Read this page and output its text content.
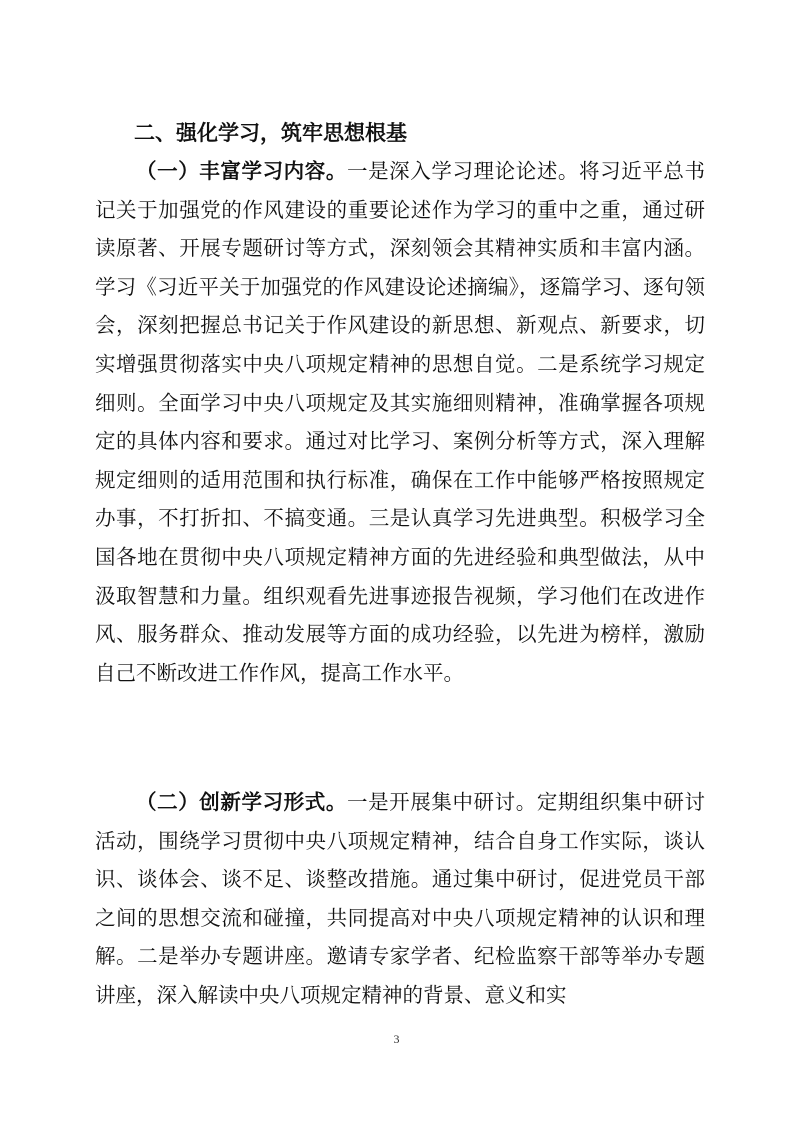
二、强化学习，筑牢思想根基

（一）丰富学习内容。一是深入学习理论论述。将习近平总书记关于加强党的作风建设的重要论述作为学习的重中之重，通过研读原著、开展专题研讨等方式，深刻领会其精神实质和丰富内涵。学习《习近平关于加强党的作风建设论述摘编》，逐篇学习、逐句领会，深刻把握总书记关于作风建设的新思想、新观点、新要求，切实增强贯彻落实中央八项规定精神的思想自觉。二是系统学习规定细则。全面学习中央八项规定及其实施细则精神，准确掌握各项规定的具体内容和要求。通过对比学习、案例分析等方式，深入理解规定细则的适用范围和执行标准，确保在工作中能够严格按照规定办事，不打折扣、不搞变通。三是认真学习先进典型。积极学习全国各地在贯彻中央八项规定精神方面的先进经验和典型做法，从中汲取智慧和力量。组织观看先进事迹报告视频，学习他们在改进作风、服务群众、推动发展等方面的成功经验，以先进为榜样，激励自己不断改进工作作风，提高工作水平。

（二）创新学习形式。一是开展集中研讨。定期组织集中研讨活动，围绕学习贯彻中央八项规定精神，结合自身工作实际，谈认识、谈体会、谈不足、谈整改措施。通过集中研讨，促进党员干部之间的思想交流和碰撞，共同提高对中央八项规定精神的认识和理解。二是举办专题讲座。邀请专家学者、纪检监察干部等举办专题讲座，深入解读中央八项规定精神的背景、意义和实

3
